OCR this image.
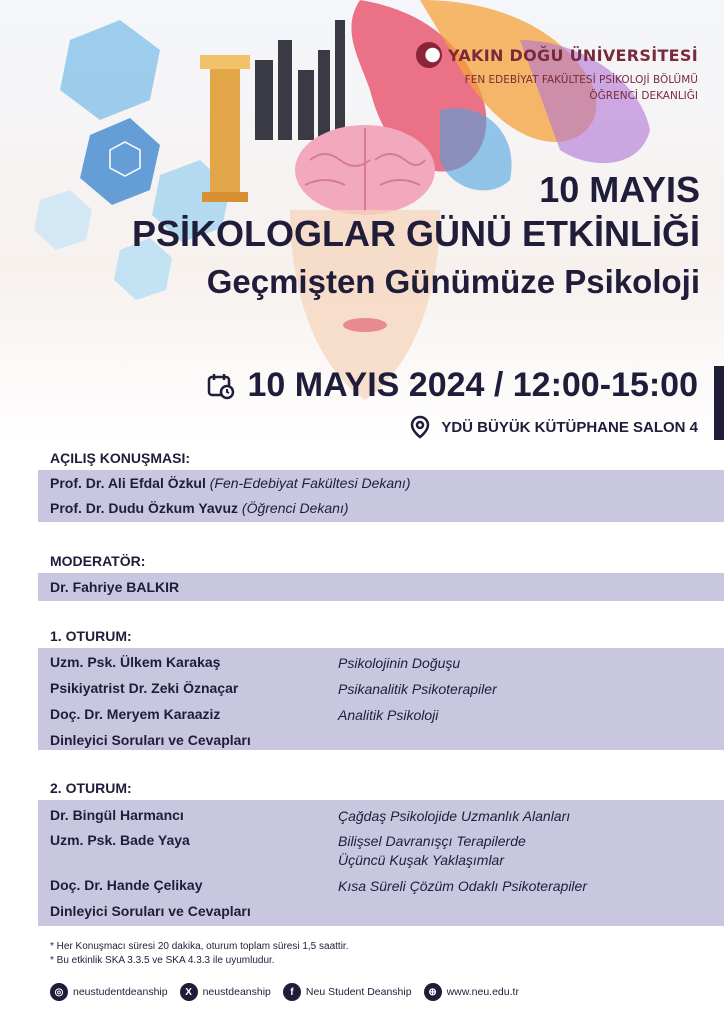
YAKIN DOĞU ÜNİVERSİTESİ
FEN EDEBİYAT FAKÜLTESİ PSİKOLOJİ BÖLÜMÜ
ÖĞRENCİ DEKANLIĞI
10 MAYIS
PSİKOLOGLAR GÜNÜ ETKİNLİĞİ
Geçmişten Günümüze Psikoloji
10 MAYIS 2024 / 12:00-15:00
YDÜ BÜYÜK KÜTÜPHANE SALON 4
AÇILIŞ KONUŞMASI:
Prof. Dr. Ali Efdal Özkul (Fen-Edebiyat Fakültesi Dekanı)
Prof. Dr. Dudu Özkum Yavuz (Öğrenci Dekanı)
MODERATÖR:
Dr. Fahriye BALKIR
1. OTURUM:
Uzm. Psk. Ülkem Karakaş	Psikolojinin Doğuşu
Psikiyatrist Dr. Zeki Öznaçar	Psikanalitik Psikoterapiler
Doç. Dr. Meryem Karaaziz	Analitik Psikoloji
Dinleyici Soruları ve Cevapları
2. OTURUM:
Dr. Bingül Harmancı	Çağdaş Psikolojide Uzmanlık Alanları
Uzm. Psk. Bade Yaya	Bilişsel Davranışçı Terapilerde
Üçüncü Kuşak Yaklaşımlar
Doç. Dr. Hande Çelikay	Kısa Süreli Çözüm Odaklı Psikoterapiler
Dinleyici Soruları ve Cevapları
* Her Konuşmacı süresi 20 dakika, oturum toplam süresi 1,5 saattir.
* Bu etkinlik SKA 3.3.5 ve SKA 4.3.3 ile uyumludur.
◎ neustudentdeanship	X	neustdeanship	f	Neu Student Deanship	⊕ www.neu.edu.tr
